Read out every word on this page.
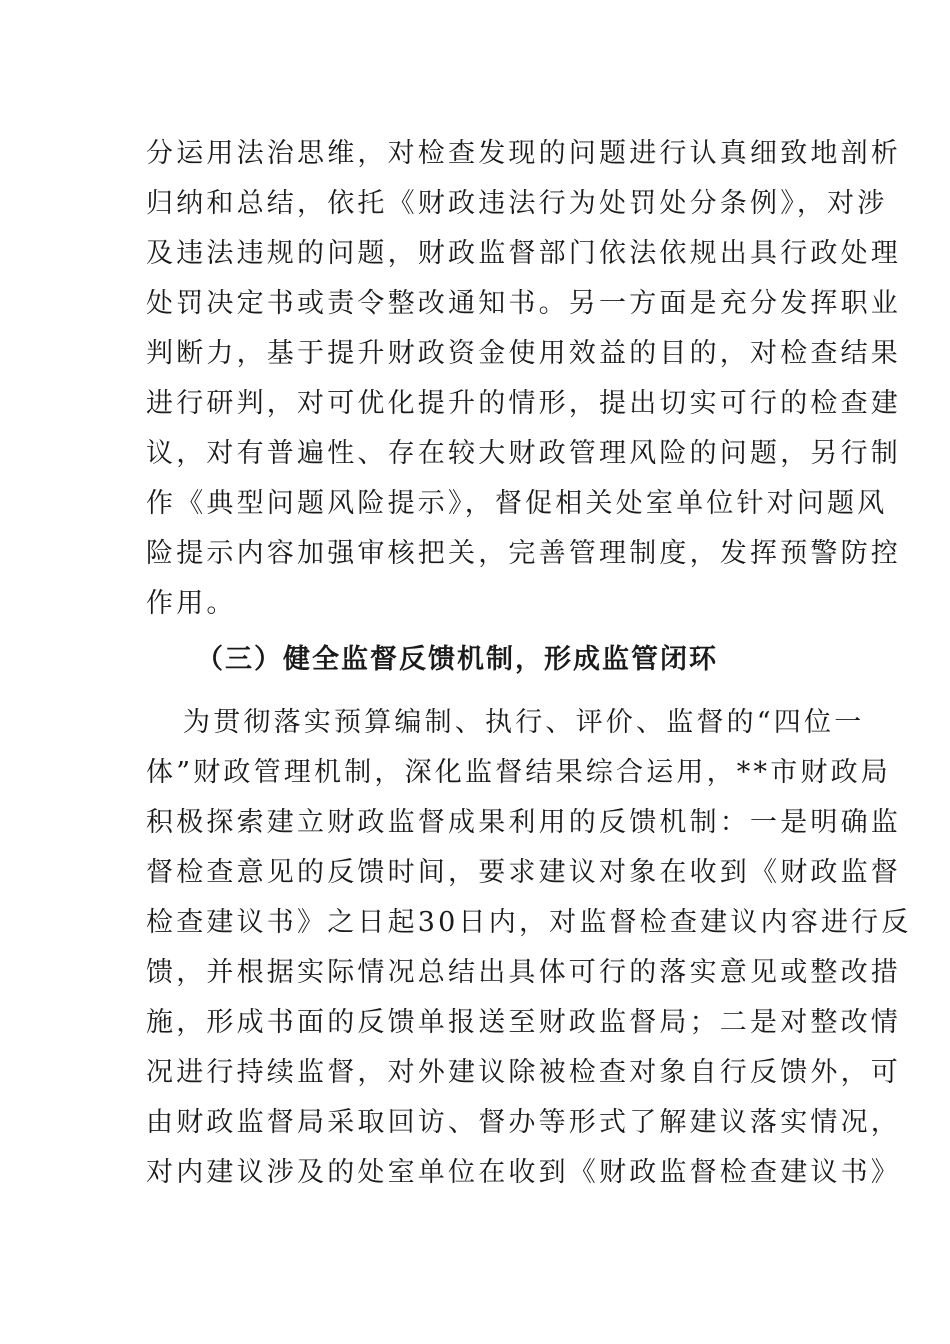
分运用法治思维，对检查发现的问题进行认真细致地剖析
归纳和总结，依托《财政违法行为处罚处分条例》，对涉
及违法违规的问题，财政监督部门依法依规出具行政处理
处罚决定书或责令整改通知书。另一方面是充分发挥职业
判断力，基于提升财政资金使用效益的目的，对检查结果
进行研判，对可优化提升的情形，提出切实可行的检查建
议，对有普遍性、存在较大财政管理风险的问题，另行制
作《典型问题风险提示》，督促相关处室单位针对问题风
险提示内容加强审核把关，完善管理制度，发挥预警防控
作用。
（三）健全监督反馈机制，形成监管闭环
为贯彻落实预算编制、执行、评价、监督的“四位一
体”财政管理机制，深化监督结果综合运用，**市财政局
积极探索建立财政监督成果利用的反馈机制：一是明确监
督检查意见的反馈时间，要求建议对象在收到《财政监督
检查建议书》之日起30日内，对监督检查建议内容进行反
馈，并根据实际情况总结出具体可行的落实意见或整改措
施，形成书面的反馈单报送至财政监督局；二是对整改情
况进行持续监督，对外建议除被检查对象自行反馈外，可
由财政监督局采取回访、督办等形式了解建议落实情况，
对内建议涉及的处室单位在收到《财政监督检查建议书》
